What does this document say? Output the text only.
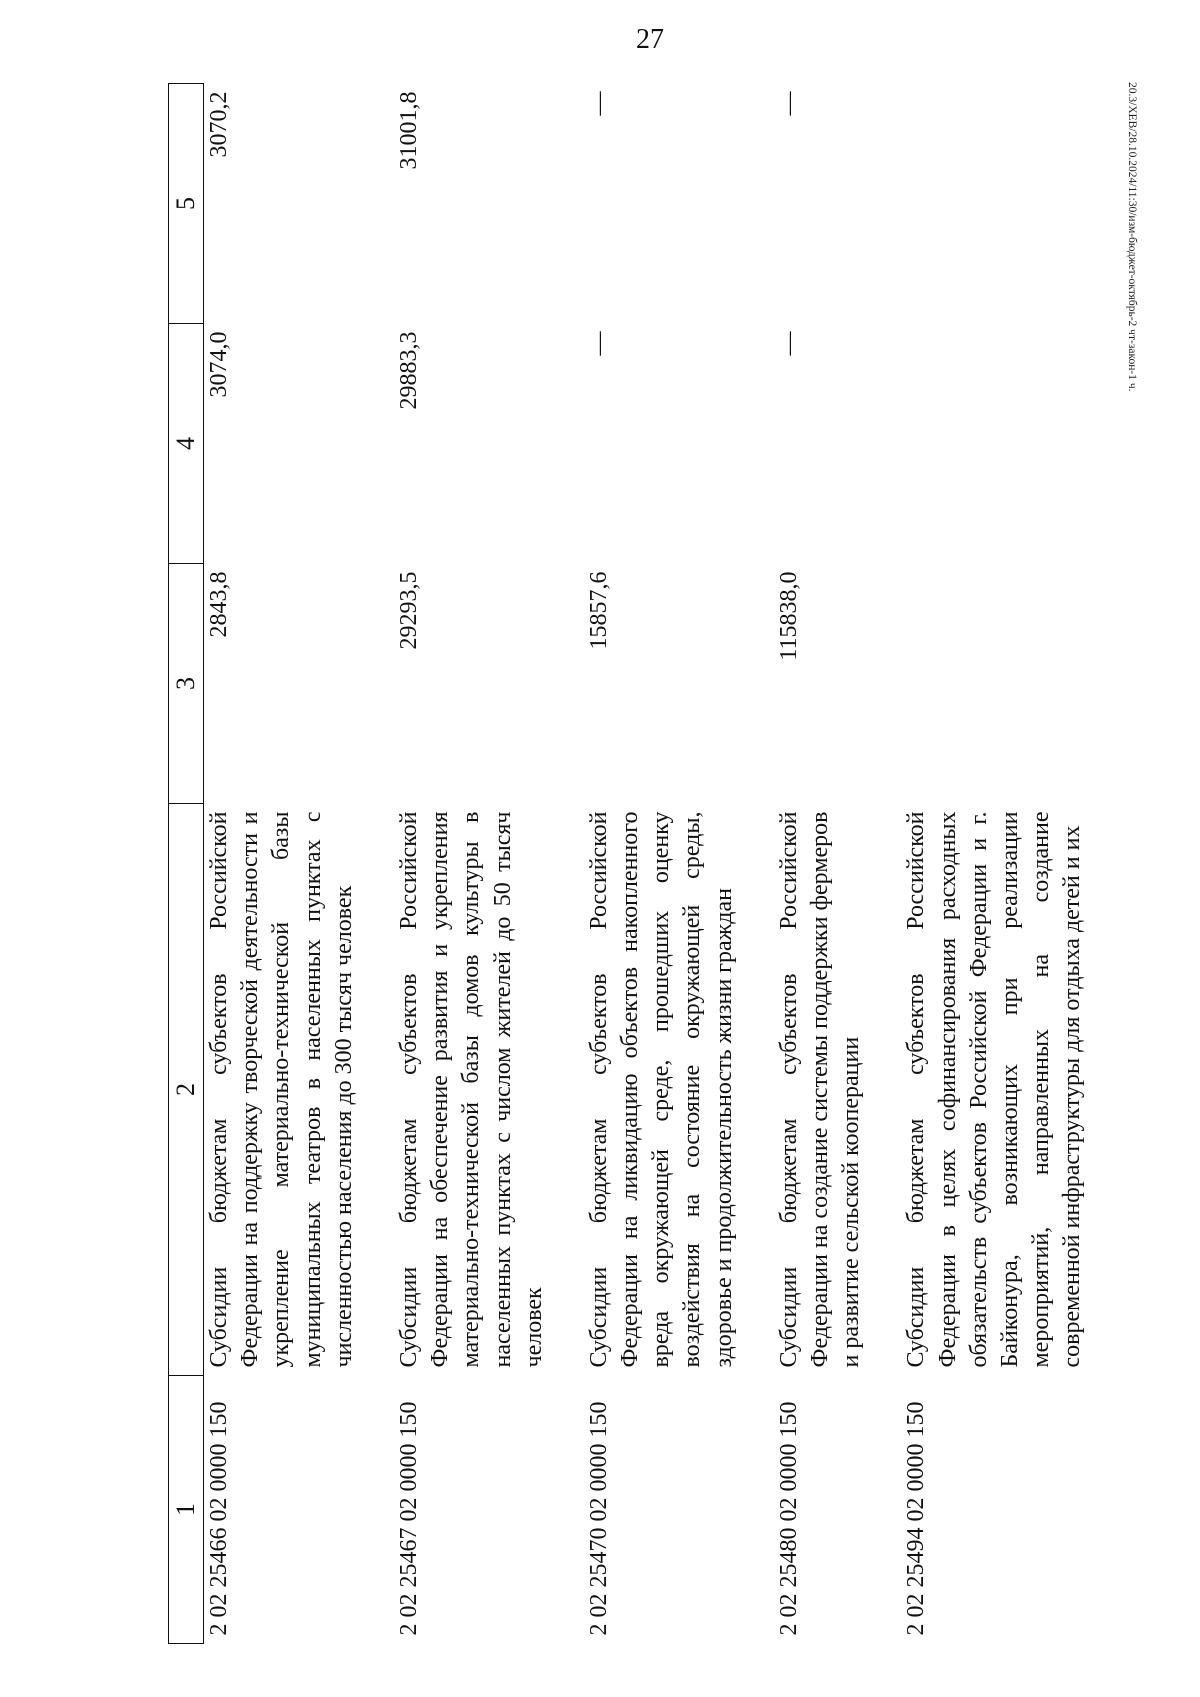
27
20.3/ХЕВ/28.10.2024/11:30/изм-бюджет-октябрь-2 чт-закон-1 ч.
1	2	3	4	5
2 02 25466 02 0000 150	Субсидии бюджетам субъектов Российской Федерации на поддержку творческой деятельности и укрепление материально-технической базы муниципальных театров в населенных пунктах с численностью населения до 300 тысяч человек	2843,8	3074,0	3070,2
2 02 25467 02 0000 150	Субсидии бюджетам субъектов Российской Федерации на обеспечение развития и укрепления материально-технической базы домов культуры в населенных пунктах с числом жителей до 50 тысяч человек	29293,5	29883,3	31001,8
2 02 25470 02 0000 150	Субсидии бюджетам субъектов Российской Федерации на ликвидацию объектов накопленного вреда окружающей среде, прошедших оценку воздействия на состояние окружающей среды, здоровье и продолжительность жизни граждан	15857,6	—	—
2 02 25480 02 0000 150	Субсидии бюджетам субъектов Российской Федерации на создание системы поддержки фермеров и развитие сельской кооперации	115838,0	—	—
2 02 25494 02 0000 150	Субсидии бюджетам субъектов Российской Федерации в целях софинансирования расходных обязательств субъектов Российской Федерации и г. Байконура, возникающих при реализации мероприятий, направленных на создание современной инфраструктуры для отдыха детей и их			
